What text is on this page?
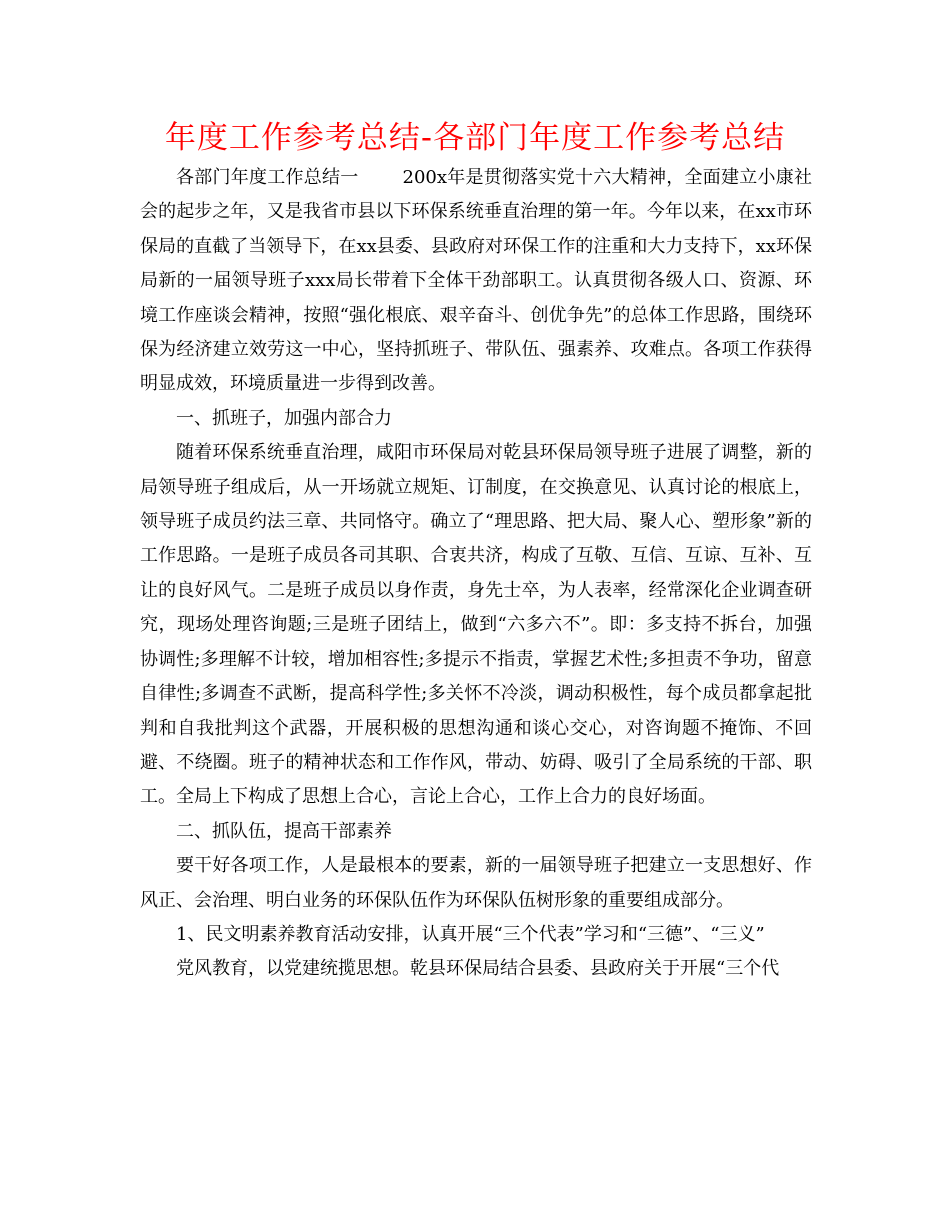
年度工作参考总结-各部门年度工作参考总结

各部门年度工作总结一 200x年是贯彻落实党十六大精神，全面建立小康社会的起步之年，又是我省市县以下环保系统垂直治理的第一年。今年以来，在xx市环保局的直截了当领导下，在xx县委、县政府对环保工作的注重和大力支持下，xx环保局新的一届领导班子xxx局长带着下全体干劲部职工。认真贯彻各级人口、资源、环境工作座谈会精神，按照“强化根底、艰辛奋斗、创优争先”的总体工作思路，围绕环保为经济建立效劳这一中心，坚持抓班子、带队伍、强素养、攻难点。各项工作获得明显成效，环境质量进一步得到改善。

一、抓班子，加强内部合力

随着环保系统垂直治理，咸阳市环保局对乾县环保局领导班子进展了调整，新的局领导班子组成后，从一开场就立规矩、订制度，在交换意见、认真讨论的根底上，领导班子成员约法三章、共同恪守。确立了“理思路、把大局、聚人心、塑形象”新的工作思路。一是班子成员各司其职、合衷共济，构成了互敬、互信、互谅、互补、互让的良好风气。二是班子成员以身作责，身先士卒，为人表率，经常深化企业调查研究，现场处理咨询题;三是班子团结上，做到“六多六不”。即：多支持不拆台，加强协调性;多理解不计较，增加相容性;多提示不指责，掌握艺术性;多担责不争功，留意自律性;多调查不武断，提高科学性;多关怀不冷淡，调动积极性，每个成员都拿起批判和自我批判这个武器，开展积极的思想沟通和谈心交心，对咨询题不掩饰、不回避、不绕圈。班子的精神状态和工作作风，带动、妨碍、吸引了全局系统的干部、职工。全局上下构成了思想上合心，言论上合心，工作上合力的良好场面。

二、抓队伍，提高干部素养

要干好各项工作，人是最根本的要素，新的一届领导班子把建立一支思想好、作风正、会治理、明白业务的环保队伍作为环保队伍树形象的重要组成部分。

1、民文明素养教育活动安排，认真开展“三个代表”学习和“三德”、“三义”

党风教育，以党建统揽思想。乾县环保局结合县委、县政府关于开展“三个代
